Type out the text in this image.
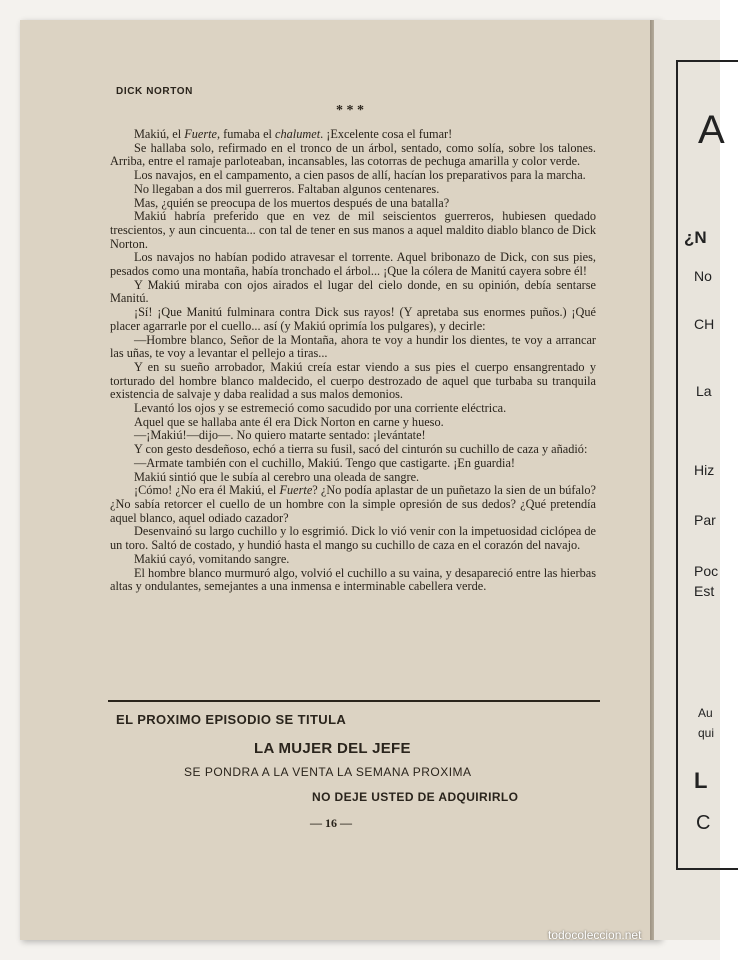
DICK NORTON
* * *

Makiú, el Fuerte, fumaba el chalumet. ¡Excelente cosa el fumar!

Se hallaba solo, refirmado en el tronco de un árbol, sentado, como solía, sobre los talones. Arriba, entre el ramaje parloteaban, incansables, las cotorras de pechuga amarilla y color verde.

Los navajos, en el campamento, a cien pasos de allí, hacían los preparativos para la marcha.

No llegaban a dos mil guerreros. Faltaban algunos centenares.

Mas, ¿quién se preocupa de los muertos después de una batalla?

Makiú habría preferido que en vez de mil seiscientos guerreros, hubiesen quedado trescientos, y aun cincuenta... con tal de tener en sus manos a aquel maldito diablo blanco de Dick Norton.

Los navajos no habían podido atravesar el torrente. Aquel bribonazo de Dick, con sus pies, pesados como una montaña, había tronchado el árbol... ¡Que la cólera de Manitú cayera sobre él!

Y Makiú miraba con ojos airados el lugar del cielo donde, en su opinión, debía sentarse Manitú.

¡Sí! ¡Que Manitú fulminara contra Dick sus rayos! (Y apretaba sus enormes puños.) ¡Qué placer agarrarle por el cuello... así (y Makiú oprimía los pulgares), y decirle:

—Hombre blanco, Señor de la Montaña, ahora te voy a hundir los dientes, te voy a arrancar las uñas, te voy a levantar el pellejo a tiras...

Y en su sueño arrobador, Makiú creía estar viendo a sus pies el cuerpo ensangrentado y torturado del hombre blanco maldecido, el cuerpo destrozado de aquel que turbaba su tranquila existencia de salvaje y daba realidad a sus malos demonios.

Levantó los ojos y se estremeció como sacudido por una corriente eléctrica.

Aquel que se hallaba ante él era Dick Norton en carne y hueso.

—¡Makiú!—dijo—. No quiero matarte sentado: ¡levántate!

Y con gesto desdeñoso, echó a tierra su fusil, sacó del cinturón su cuchillo de caza y añadió:

—Armate también con el cuchillo, Makiú. Tengo que castigarte. ¡En guardia!

Makiú sintió que le subía al cerebro una oleada de sangre.

¡Cómo! ¿No era él Makiú, el Fuerte? ¿No podía aplastar de un puñetazo la sien de un búfalo? ¿No sabía retorcer el cuello de un hombre con la simple opresión de sus dedos? ¿Qué pretendía aquel blanco, aquel odiado cazador?

Desenvainó su largo cuchillo y lo esgrimió. Dick lo vió venir con la impetuosidad ciclópea de un toro. Saltó de costado, y hundió hasta el mango su cuchillo de caza en el corazón del navajo.

Makiú cayó, vomitando sangre.

El hombre blanco murmuró algo, volvió el cuchillo a su vaina, y desapareció entre las hierbas altas y ondulantes, semejantes a una inmensa e interminable cabellera verde.

EL PROXIMO EPISODIO SE TITULA
LA MUJER DEL JEFE
SE PONDRA A LA VENTA LA SEMANA PROXIMA
NO DEJE USTED DE ADQUIRIRLO
— 16 —
A
¿N
No
CH
La
Hiz
Par
Poc
Est
Au
qui
L
C
todocoleccion.net
